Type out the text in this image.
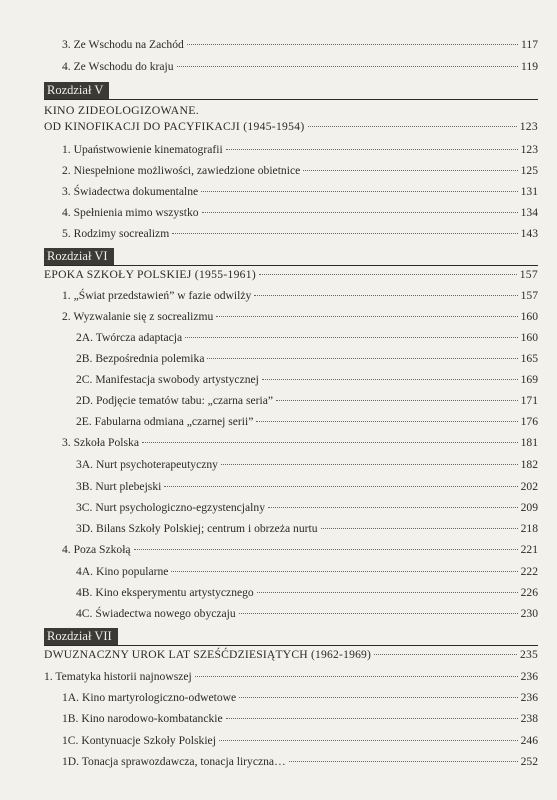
3. Ze Wschodu na Zachód	117
4. Ze Wschodu do kraju	119
Rozdział V
KINO ZIDEOLOGIZOWANE.
OD KINOFIKACJI DO PACYFIKACJI (1945-1954)	123
1. Upaństwowienie kinematografii	123
2. Niespełnione możliwości, zawiedzione obietnice	125
3. Świadectwa dokumentalne	131
4. Spełnienia mimo wszystko	134
5. Rodzimy socrealizm	143
Rozdział VI
EPOKA SZKOŁY POLSKIEJ (1955-1961)	157
1. „Świat przedstawień” w fazie odwilży	157
2. Wyzwalanie się z socrealizmu	160
2A. Twórcza adaptacja	160
2B. Bezpośrednia polemika	165
2C. Manifestacja swobody artystycznej	169
2D. Podjęcie tematów tabu: „czarna seria”	171
2E. Fabularna odmiana „czarnej serii”	176
3. Szkoła Polska	181
3A. Nurt psychoterapeutyczny	182
3B. Nurt plebejski	202
3C. Nurt psychologiczno-egzystencjalny	209
3D. Bilans Szkoły Polskiej; centrum i obrzeża nurtu	218
4. Poza Szkołą	221
4A. Kino popularne	222
4B. Kino eksperymentu artystycznego	226
4C. Świadectwa nowego obyczaju	230
Rozdział VII
DWUZNACZNY UROK LAT SZEŚĆDZIESIĄTYCH (1962-1969)	235
1. Tematyka historii najnowszej	236
1A. Kino martyrologiczno-odwetowe	236
1B. Kino narodowo-kombatanckie	238
1C. Kontynuacje Szkoły Polskiej	246
1D. Tonacja sprawozdawcza, tonacja liryczna…	252
